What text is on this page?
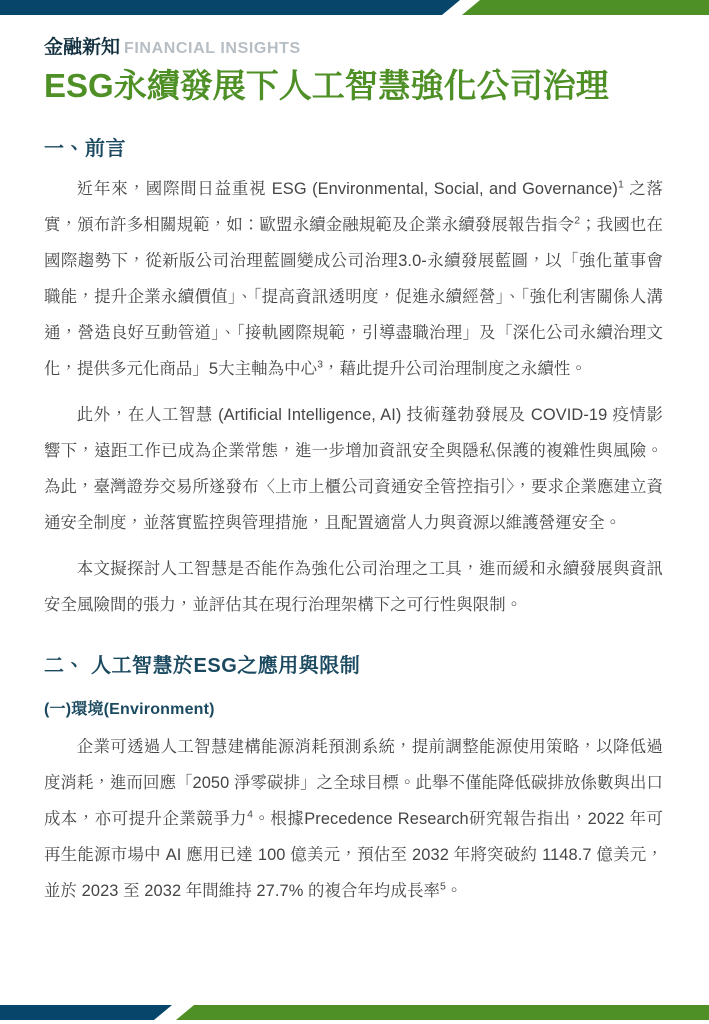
金融新知 FINANCIAL INSIGHTS
ESG永續發展下人工智慧強化公司治理
一、前言

近年來，國際間日益重視 ESG (Environmental, Social, and Governance)$^1$ 之落實，頒布許多相關規範，如：歐盟永續金融規範及企業永續發展報告指令$^2$；我國也在國際趨勢下，從新版公司治理藍圖變成公司治理3.0-永續發展藍圖，以「強化董事會職能，提升企業永續價值」、「提高資訊透明度，促進永續經營」、「強化利害關係人溝通，營造良好互動管道」、「接軌國際規範，引導盡職治理」及「深化公司永續治理文化，提供多元化商品」5大主軸為中心$^3$，藉此提升公司治理制度之永續性。

此外，在人工智慧 (Artificial Intelligence, AI) 技術蓬勃發展及 COVID-19 疫情影響下，遠距工作已成為企業常態，進一步增加資訊安全與隱私保護的複雜性與風險。為此，臺灣證券交易所遂發布〈上市上櫃公司資通安全管控指引〉，要求企業應建立資通安全制度，並落實監控與管理措施，且配置適當人力與資源以維護營運安全。

本文擬探討人工智慧是否能作為強化公司治理之工具，進而緩和永續發展與資訊安全風險間的張力，並評估其在現行治理架構下之可行性與限制。

二、 人工智慧於ESG之應用與限制
(一)環境(Environment)

企業可透過人工智慧建構能源消耗預測系統，提前調整能源使用策略，以降低過度消耗，進而回應「2050 淨零碳排」之全球目標。此舉不僅能降低碳排放係數與出口成本，亦可提升企業競爭力$^4$。根據Precedence Research研究報告指出，2022 年可再生能源市場中 AI 應用已達 100 億美元，預估至 2032 年將突破約 1148.7 億美元，並於 2023 至 2032 年間維持 27.7% 的複合年均成長率$^5$。
